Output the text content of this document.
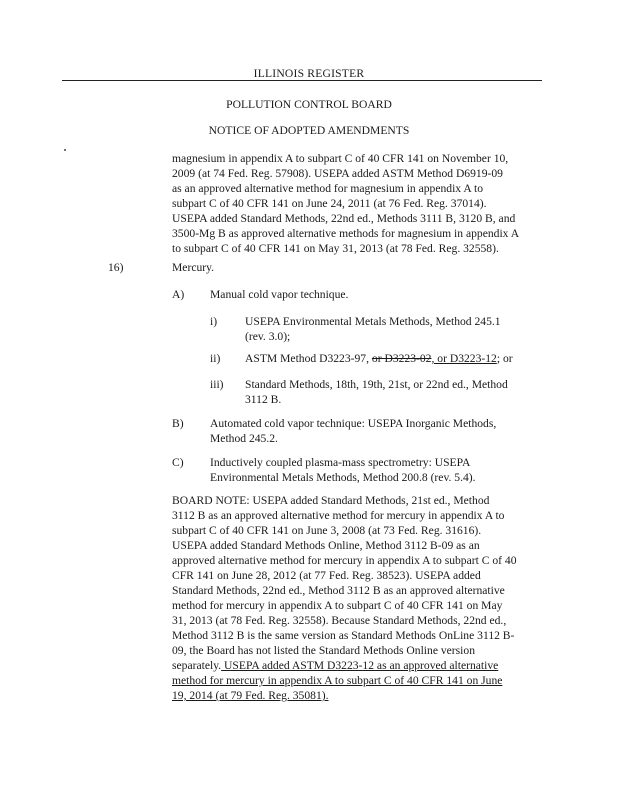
ILLINOIS REGISTER
POLLUTION CONTROL BOARD
NOTICE OF ADOPTED AMENDMENTS
magnesium in appendix A to subpart C of 40 CFR 141 on November 10,
2009 (at 74 Fed. Reg. 57908). USEPA added ASTM Method D6919-09
as an approved alternative method for magnesium in appendix A to
subpart C of 40 CFR 141 on June 24, 2011 (at 76 Fed. Reg. 37014).
USEPA added Standard Methods, 22nd ed., Methods 3111 B, 3120 B, and
3500-Mg B as approved alternative methods for magnesium in appendix A
to subpart C of 40 CFR 141 on May 31, 2013 (at 78 Fed. Reg. 32558).
16)	Mercury.
A) Manual cold vapor technique.
i) USEPA Environmental Metals Methods, Method 245.1
(rev. 3.0);
ii) ASTM Method D3223-97, or D3223-02, or D3223-12; or
iii) Standard Methods, 18th, 19th, 21st, or 22nd ed., Method
3112 B.
B) Automated cold vapor technique: USEPA Inorganic Methods,
Method 245.2.
C) Inductively coupled plasma-mass spectrometry: USEPA
Environmental Metals Methods, Method 200.8 (rev. 5.4).
BOARD NOTE: USEPA added Standard Methods, 21st ed., Method
3112 B as an approved alternative method for mercury in appendix A to
subpart C of 40 CFR 141 on June 3, 2008 (at 73 Fed. Reg. 31616).
USEPA added Standard Methods Online, Method 3112 B-09 as an
approved alternative method for mercury in appendix A to subpart C of 40
CFR 141 on June 28, 2012 (at 77 Fed. Reg. 38523). USEPA added
Standard Methods, 22nd ed., Method 3112 B as an approved alternative
method for mercury in appendix A to subpart C of 40 CFR 141 on May
31, 2013 (at 78 Fed. Reg. 32558). Because Standard Methods, 22nd ed.,
Method 3112 B is the same version as Standard Methods OnLine 3112 B-
09, the Board has not listed the Standard Methods Online version
separately. USEPA added ASTM D3223-12 as an approved alternative
method for mercury in appendix A to subpart C of 40 CFR 141 on June
19, 2014 (at 79 Fed. Reg. 35081).
